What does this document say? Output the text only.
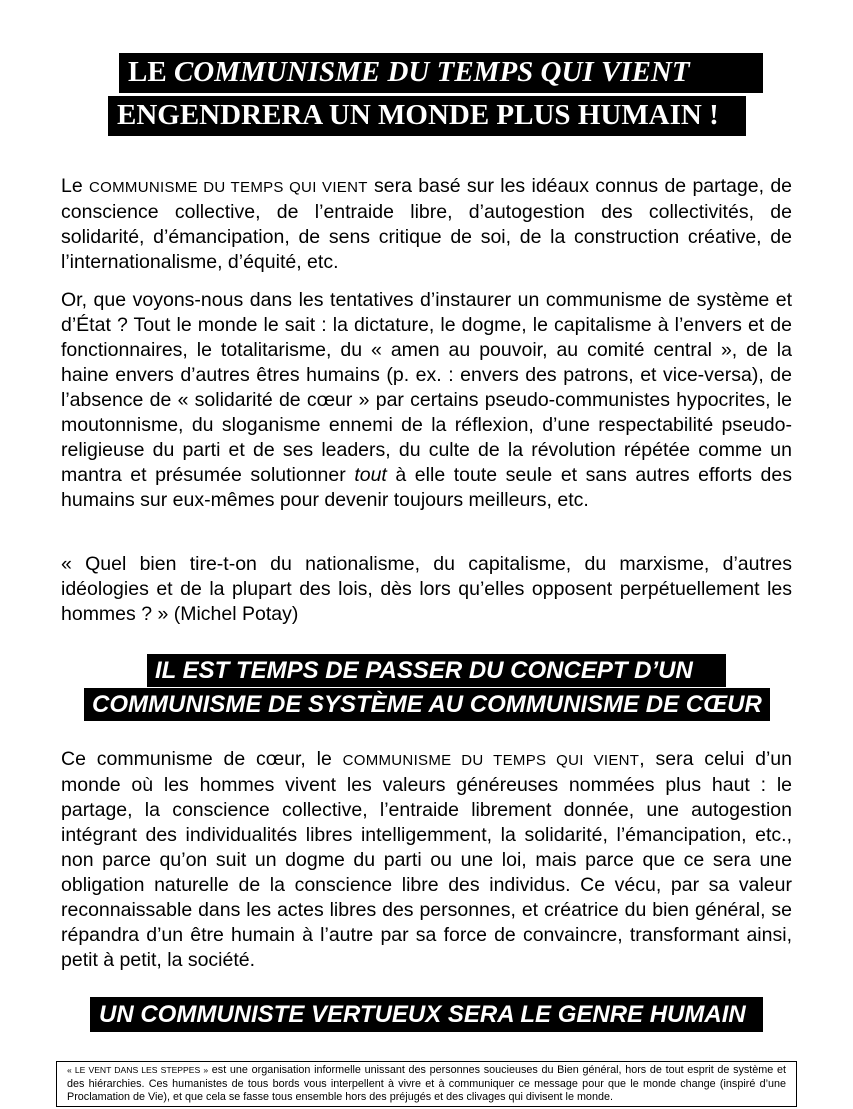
LE COMMUNISME DU TEMPS QUI VIENT
ENGENDRERA UN MONDE PLUS HUMAIN !

Le COMMUNISME DU TEMPS QUI VIENT sera basé sur les idéaux connus de partage, de conscience collective, de l’entraide libre, d’autogestion des collectivités, de solidarité, d’émancipation, de sens critique de soi, de la construction créative, de l’internationalisme, d’équité, etc.

Or, que voyons-nous dans les tentatives d’instaurer un communisme de système et d’État ? Tout le monde le sait : la dictature, le dogme, le capitalisme à l’envers et de fonctionnaires, le totalitarisme, du « amen au pouvoir, au comité central », de la haine envers d’autres êtres humains (p. ex. : envers des patrons, et vice-versa), de l’absence de « solidarité de cœur » par certains pseudo-communistes hypocrites, le moutonnisme, du sloganisme ennemi de la réflexion, d’une respectabilité pseudo-religieuse du parti et de ses leaders, du culte de la révolution répétée comme un mantra et présumée solutionner tout à elle toute seule et sans autres efforts des humains sur eux-mêmes pour devenir toujours meilleurs, etc.

« Quel bien tire-t-on du nationalisme, du capitalisme, du marxisme, d’autres idéologies et de la plupart des lois, dès lors qu’elles opposent perpétuellement les hommes ? » (Michel Potay)

IL EST TEMPS DE PASSER DU CONCEPT D’UN
COMMUNISME DE SYSTÈME AU COMMUNISME DE CŒUR

Ce communisme de cœur, le COMMUNISME DU TEMPS QUI VIENT, sera celui d’un monde où les hommes vivent les valeurs généreuses nommées plus haut : le partage, la conscience collective, l’entraide librement donnée, une autogestion intégrant des individualités libres intelligemment, la solidarité, l’émancipation, etc., non parce qu’on suit un dogme du parti ou une loi, mais parce que ce sera une obligation naturelle de la conscience libre des individus. Ce vécu, par sa valeur reconnaissable dans les actes libres des personnes, et créatrice du bien général, se répandra d’un être humain à l’autre par sa force de convaincre, transformant ainsi, petit à petit, la société.

UN COMMUNISTE VERTUEUX SERA LE GENRE HUMAIN
« LE VENT DANS LES STEPPES » est une organisation informelle unissant des personnes soucieuses du Bien général, hors de tout esprit de système et des hiérarchies. Ces humanistes de tous bords vous interpellent à vivre et à communiquer ce message pour que le monde change (inspiré d’une Proclamation de Vie), et que cela se fasse tous ensemble hors des préjugés et des clivages qui divisent le monde.
